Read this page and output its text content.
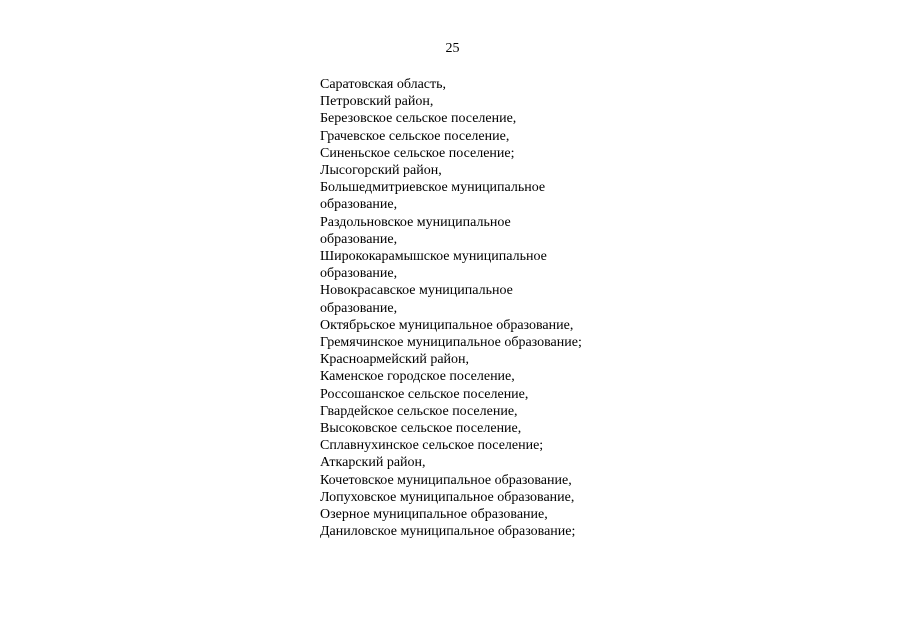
25
Саратовская область,
Петровский район,
Березовское сельское поселение,
Грачевское сельское поселение,
Синеньское сельское поселение;
Лысогорский район,
Большедмитриевское муниципальное
образование,
Раздольновское муниципальное
образование,
Ширококарамышское муниципальное
образование,
Новокрасавское муниципальное
образование,
Октябрьское муниципальное образование,
Гремячинское муниципальное образование;
Красноармейский район,
Каменское городское поселение,
Россошанское сельское поселение,
Гвардейское сельское поселение,
Высоковское сельское поселение,
Сплавнухинское сельское поселение;
Аткарский район,
Кочетовское муниципальное образование,
Лопуховское муниципальное образование,
Озерное муниципальное образование,
Даниловское муниципальное образование;
